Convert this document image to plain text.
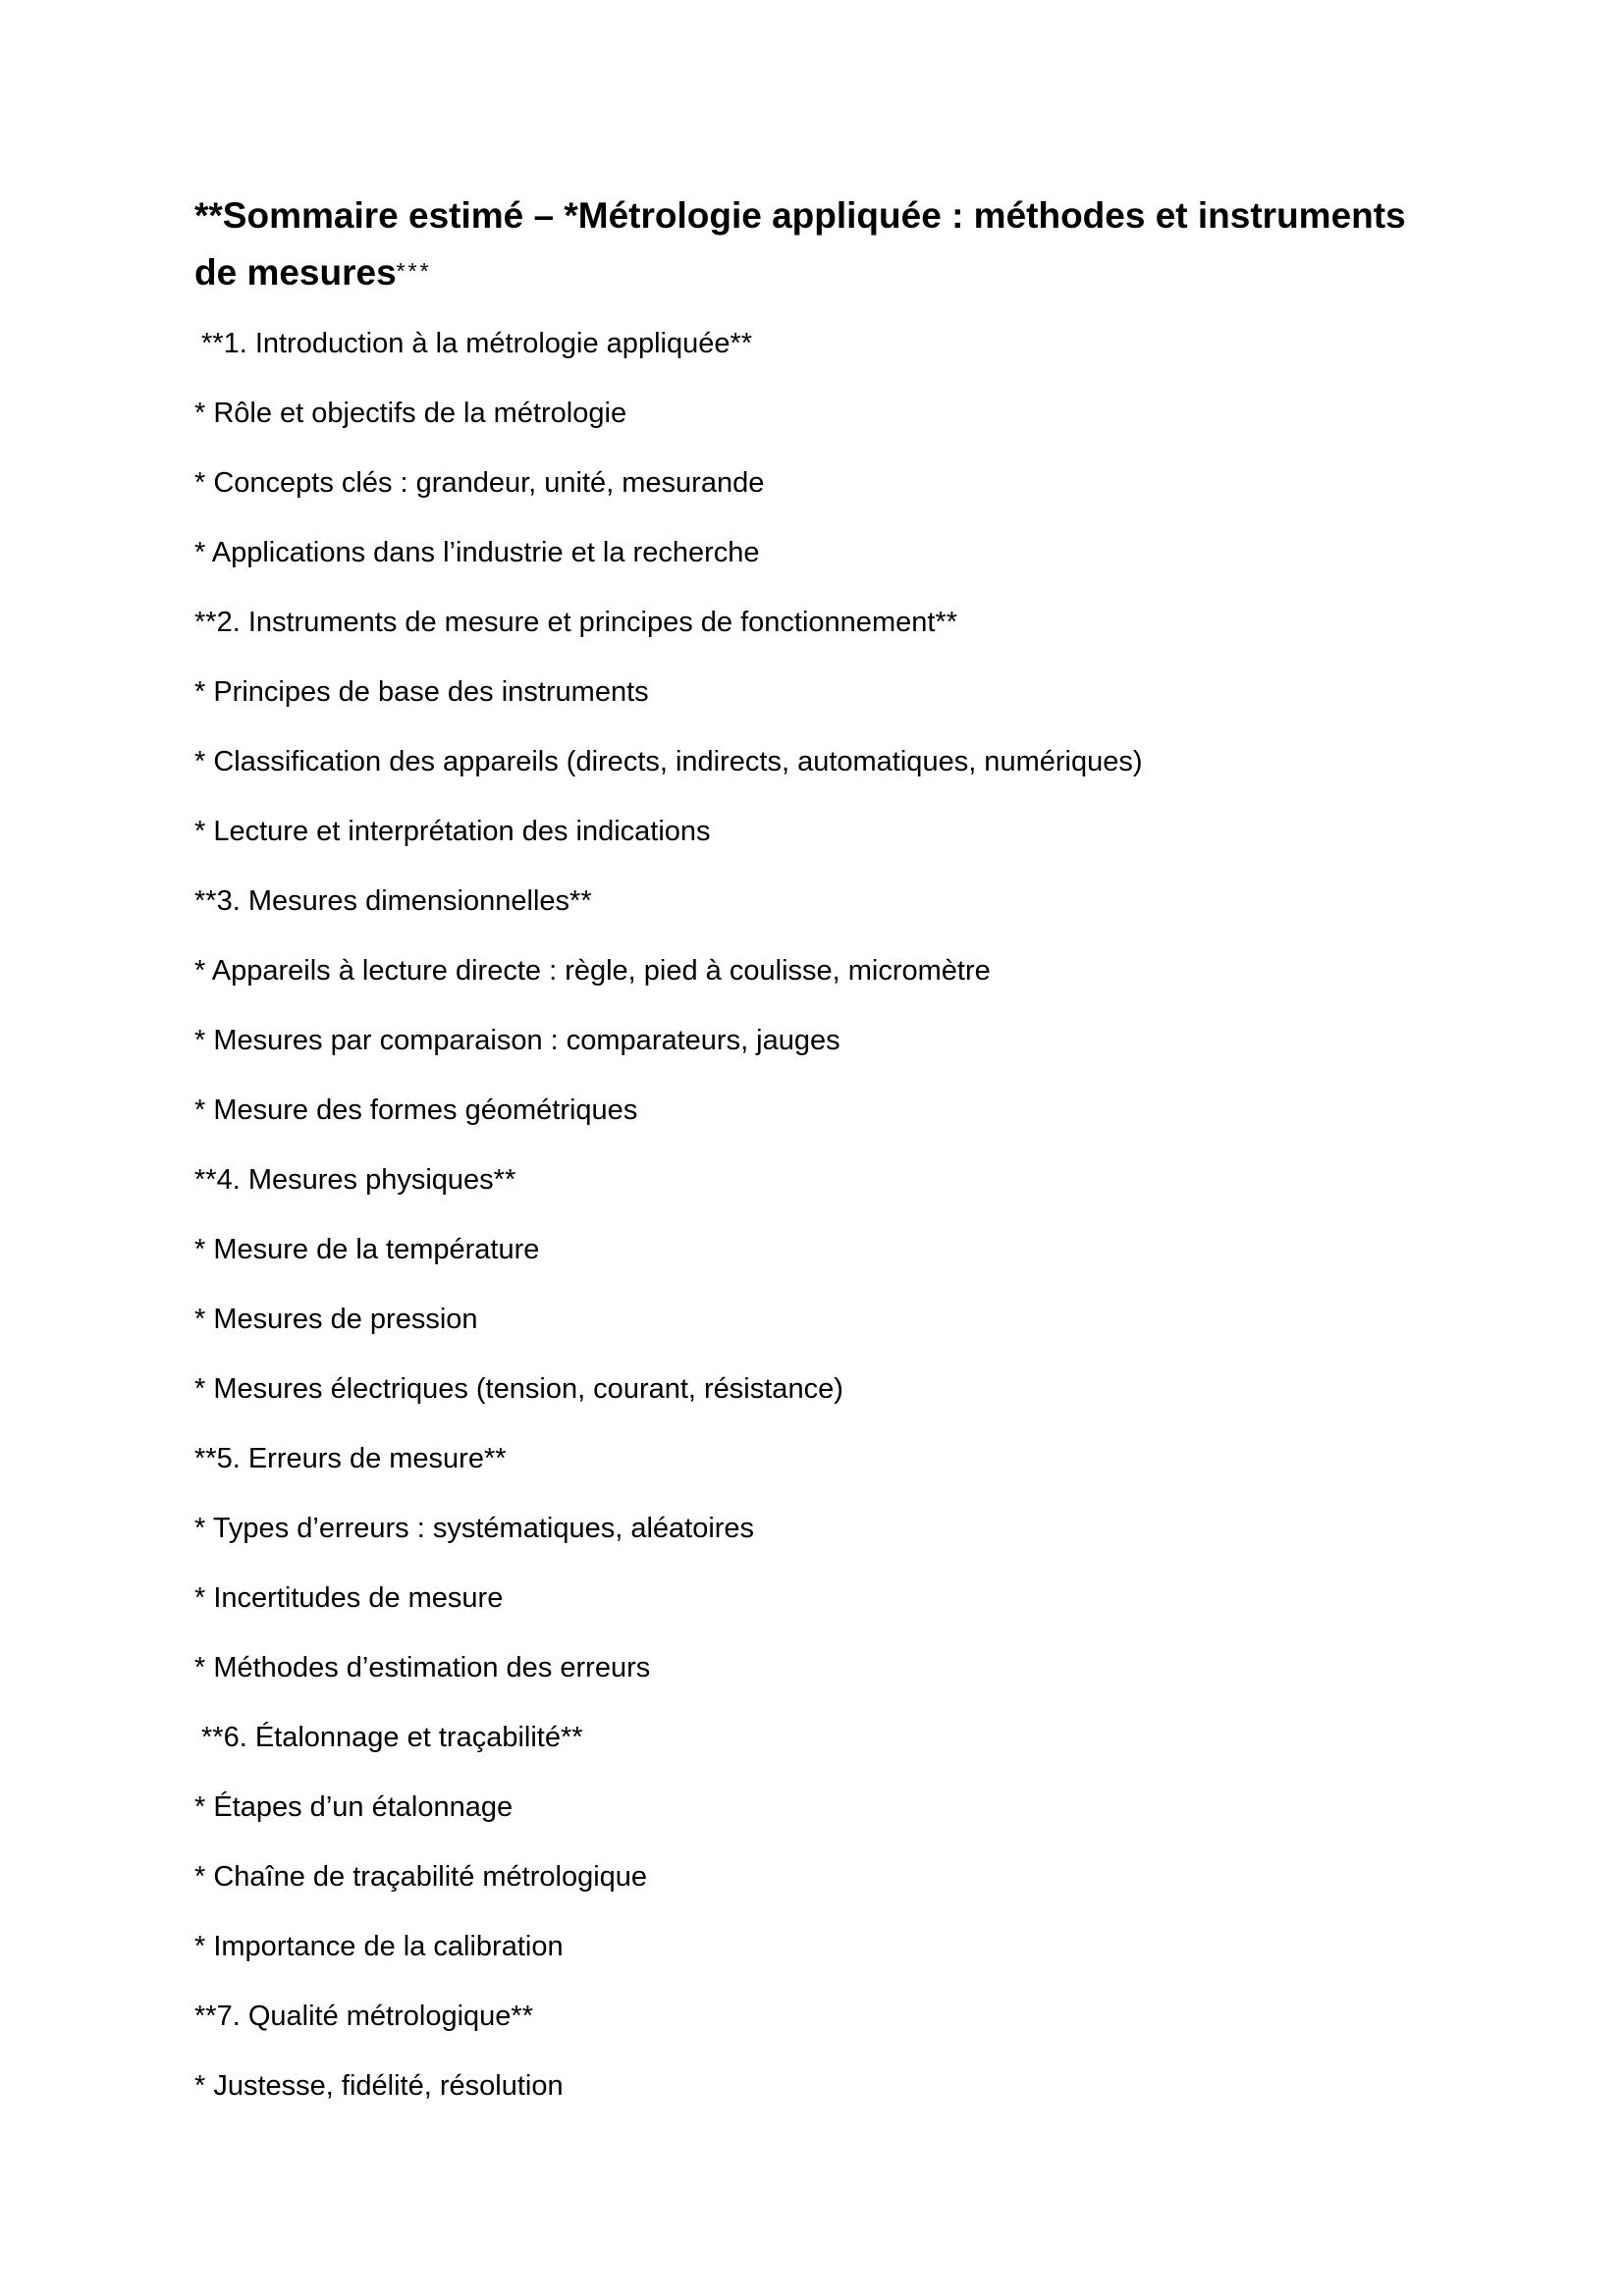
**Sommaire estimé – *Métrologie appliquée : méthodes et instruments de mesures***
**1. Introduction à la métrologie appliquée**
* Rôle et objectifs de la métrologie
* Concepts clés : grandeur, unité, mesurande
* Applications dans l’industrie et la recherche
**2. Instruments de mesure et principes de fonctionnement**
* Principes de base des instruments
* Classification des appareils (directs, indirects, automatiques, numériques)
* Lecture et interprétation des indications
**3. Mesures dimensionnelles**
* Appareils à lecture directe : règle, pied à coulisse, micromètre
* Mesures par comparaison : comparateurs, jauges
* Mesure des formes géométriques
**4. Mesures physiques**
* Mesure de la température
* Mesures de pression
* Mesures électriques (tension, courant, résistance)
**5. Erreurs de mesure**
* Types d’erreurs : systématiques, aléatoires
* Incertitudes de mesure
* Méthodes d’estimation des erreurs
**6. Étalonnage et traçabilité**
* Étapes d’un étalonnage
* Chaîne de traçabilité métrologique
* Importance de la calibration
**7. Qualité métrologique**
* Justesse, fidélité, résolution
